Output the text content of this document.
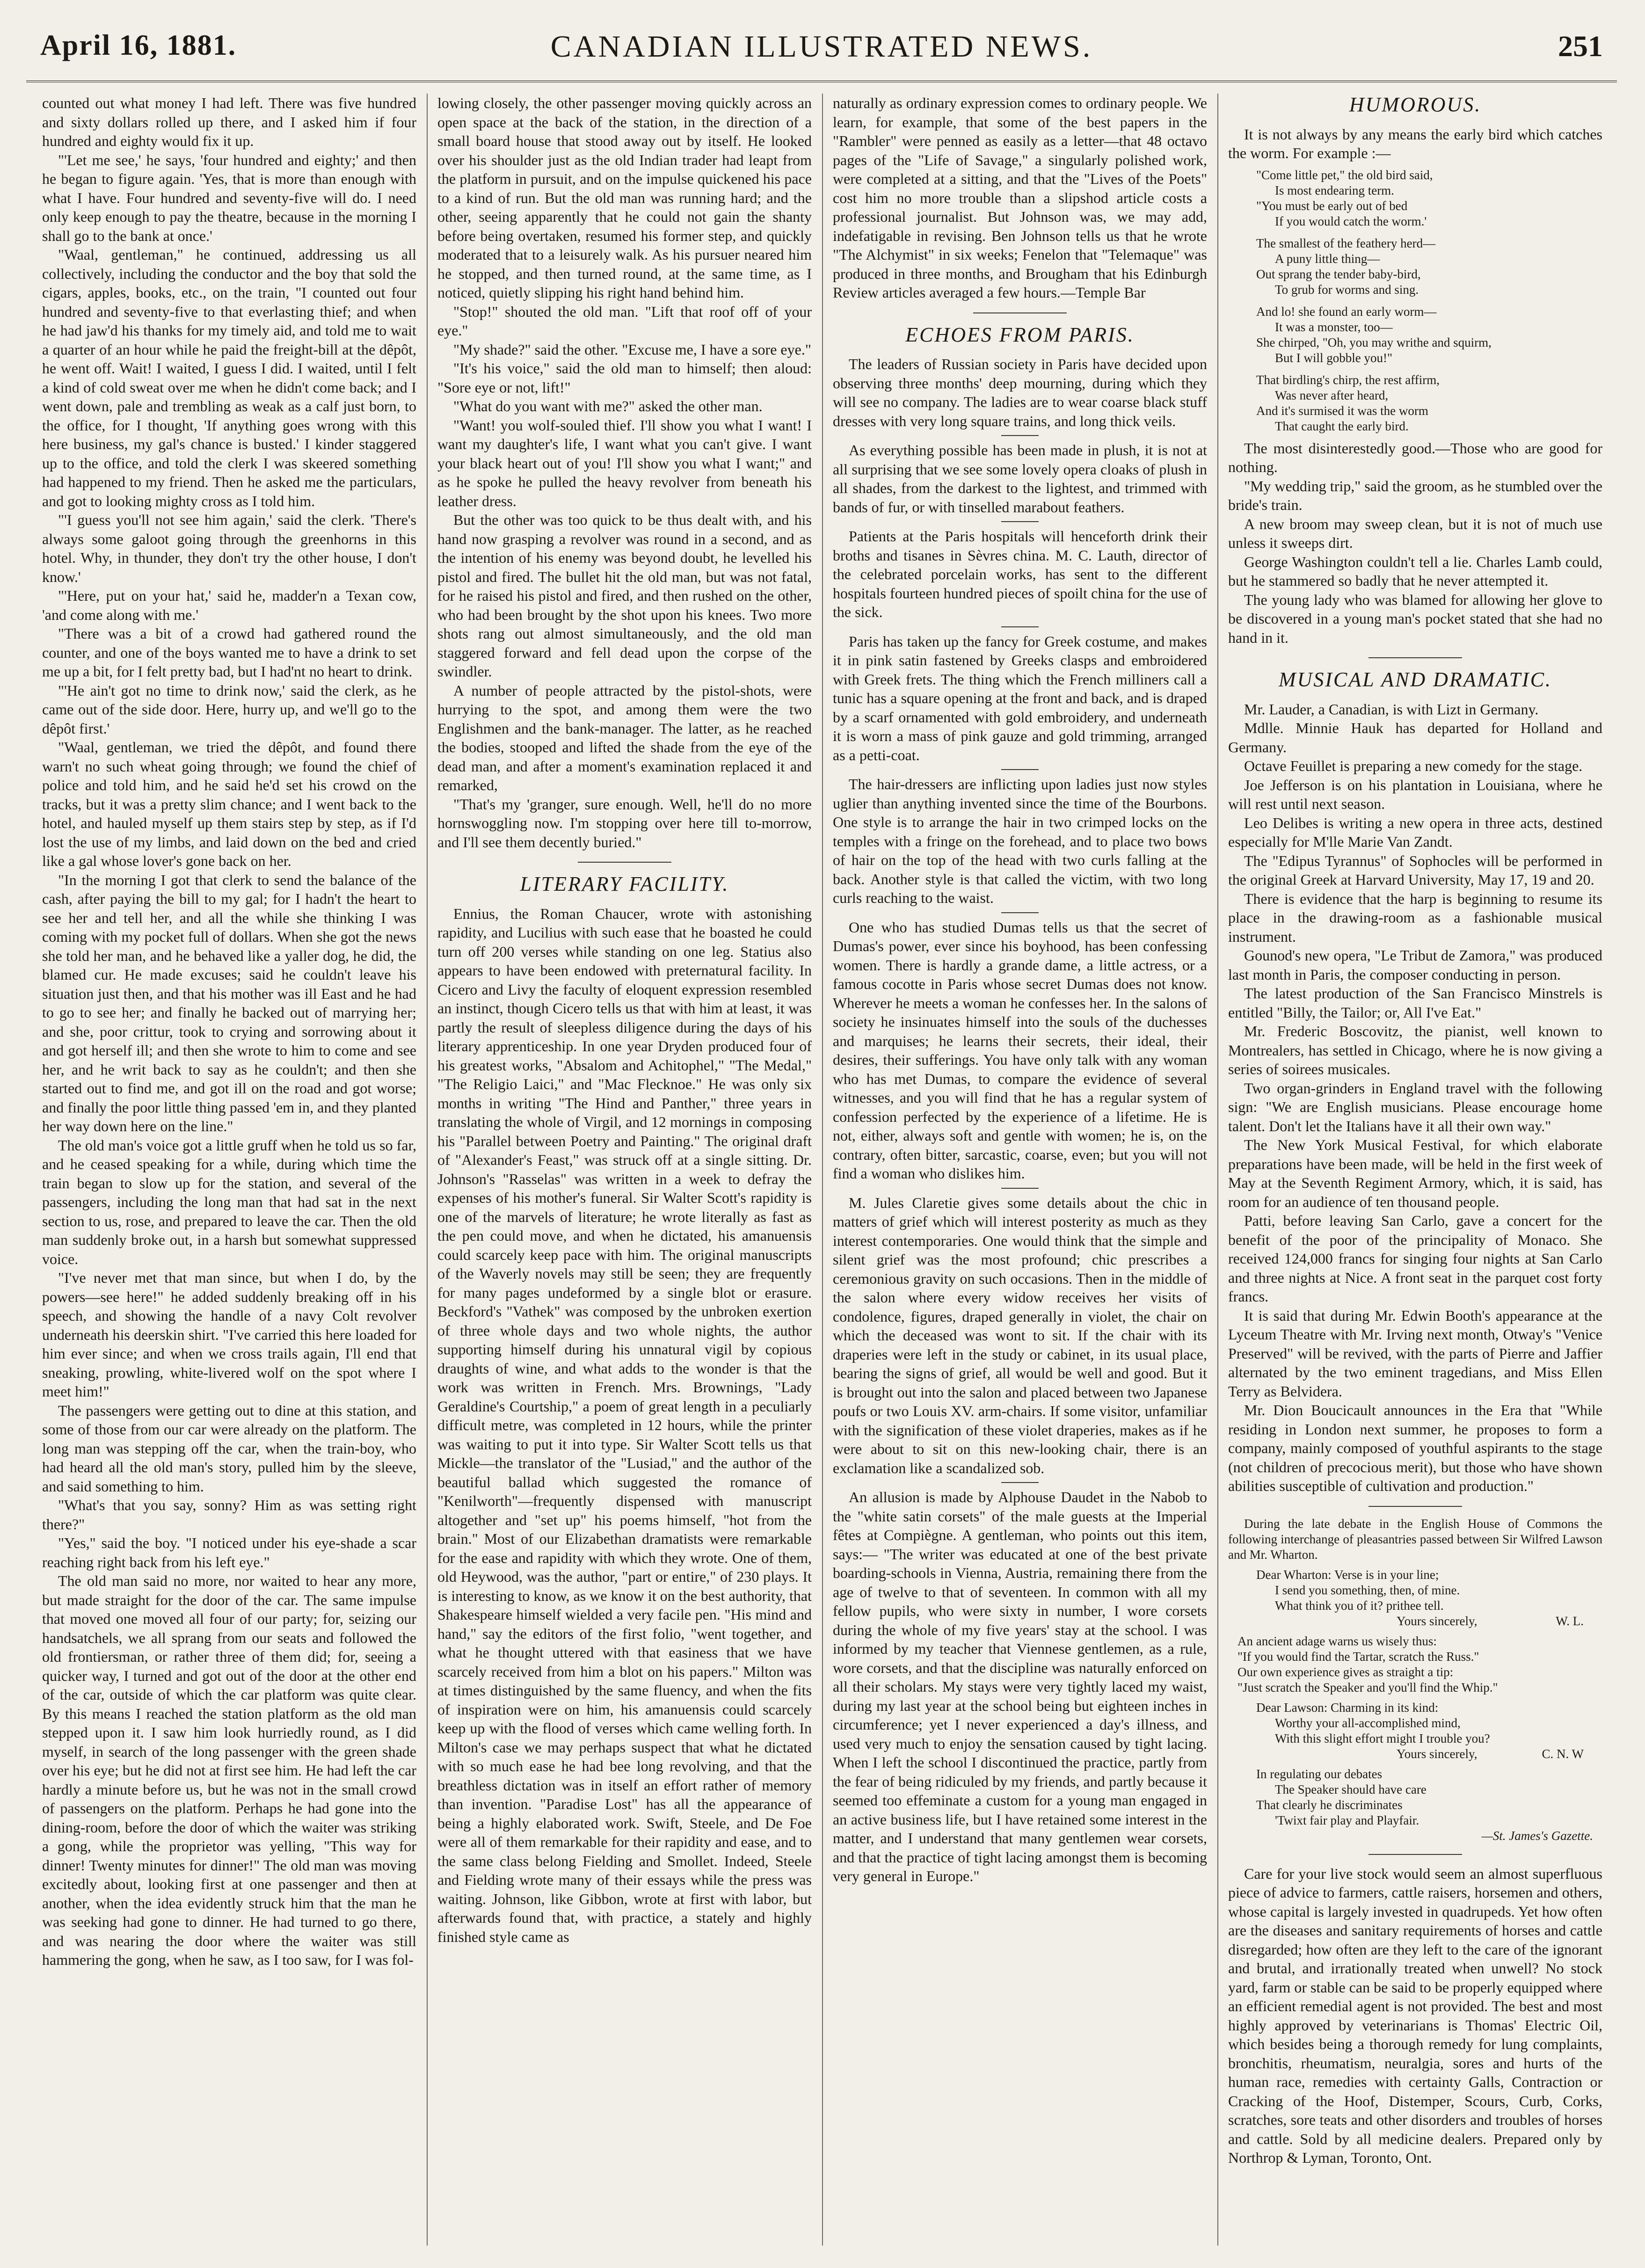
April 16, 1881.	CANADIAN ILLUSTRATED NEWS.	251

counted out what money I had left. There was five hundred and sixty dollars rolled up there, and I asked him if four hundred and eighty would fix it up.

"'Let me see,' he says, 'four hundred and eighty;' and then he began to figure again. 'Yes, that is more than enough with what I have. Four hundred and seventy-five will do. I need only keep enough to pay the theatre, because in the morning I shall go to the bank at once.'

"Waal, gentleman," he continued, addressing us all collectively, including the conductor and the boy that sold the cigars, apples, books, etc., on the train, "I counted out four hundred and seventy-five to that everlasting thief; and when he had jaw'd his thanks for my timely aid, and told me to wait a quarter of an hour while he paid the freight-bill at the dêpôt, he went off. Wait! I waited, I guess I did. I waited, until I felt a kind of cold sweat over me when he didn't come back; and I went down, pale and trembling as weak as a calf just born, to the office, for I thought, 'If anything goes wrong with this here business, my gal's chance is busted.' I kinder staggered up to the office, and told the clerk I was skeered something had happened to my friend. Then he asked me the particulars, and got to looking mighty cross as I told him.

"'I guess you'll not see him again,' said the clerk. 'There's always some galoot going through the greenhorns in this hotel. Why, in thunder, they don't try the other house, I don't know.'

"'Here, put on your hat,' said he, madder'n a Texan cow, 'and come along with me.'

"There was a bit of a crowd had gathered round the counter, and one of the boys wanted me to have a drink to set me up a bit, for I felt pretty bad, but I had'nt no heart to drink.

"'He ain't got no time to drink now,' said the clerk, as he came out of the side door. Here, hurry up, and we'll go to the dêpôt first.'

"Waal, gentleman, we tried the dêpôt, and found there warn't no such wheat going through; we found the chief of police and told him, and he said he'd set his crowd on the tracks, but it was a pretty slim chance; and I went back to the hotel, and hauled myself up them stairs step by step, as if I'd lost the use of my limbs, and laid down on the bed and cried like a gal whose lover's gone back on her.

"In the morning I got that clerk to send the balance of the cash, after paying the bill to my gal; for I hadn't the heart to see her and tell her, and all the while she thinking I was coming with my pocket full of dollars. When she got the news she told her man, and he behaved like a yaller dog, he did, the blamed cur. He made excuses; said he couldn't leave his situation just then, and that his mother was ill East and he had to go to see her; and finally he backed out of marrying her; and she, poor crittur, took to crying and sorrowing about it and got herself ill; and then she wrote to him to come and see her, and he writ back to say as he couldn't; and then she started out to find me, and got ill on the road and got worse; and finally the poor little thing passed 'em in, and they planted her way down here on the line."

The old man's voice got a little gruff when he told us so far, and he ceased speaking for a while, during which time the train began to slow up for the station, and several of the passengers, including the long man that had sat in the next section to us, rose, and prepared to leave the car. Then the old man suddenly broke out, in a harsh but somewhat suppressed voice.

"I've never met that man since, but when I do, by the powers—see here!" he added suddenly breaking off in his speech, and showing the handle of a navy Colt revolver underneath his deerskin shirt. "I've carried this here loaded for him ever since; and when we cross trails again, I'll end that sneaking, prowling, white-livered wolf on the spot where I meet him!"

The passengers were getting out to dine at this station, and some of those from our car were already on the platform. The long man was stepping off the car, when the train-boy, who had heard all the old man's story, pulled him by the sleeve, and said something to him.

"What's that you say, sonny? Him as was setting right there?"

"Yes," said the boy. "I noticed under his eye-shade a scar reaching right back from his left eye."

The old man said no more, nor waited to hear any more, but made straight for the door of the car. The same impulse that moved one moved all four of our party; for, seizing our handsatchels, we all sprang from our seats and followed the old frontiersman, or rather three of them did; for, seeing a quicker way, I turned and got out of the door at the other end of the car, outside of which the car platform was quite clear. By this means I reached the station platform as the old man stepped upon it. I saw him look hurriedly round, as I did myself, in search of the long passenger with the green shade over his eye; but he did not at first see him. He had left the car hardly a minute before us, but he was not in the small crowd of passengers on the platform. Perhaps he had gone into the dining-room, before the door of which the waiter was striking a gong, while the proprietor was yelling, "This way for dinner! Twenty minutes for dinner!" The old man was moving excitedly about, looking first at one passenger and then at another, when the idea evidently struck him that the man he was seeking had gone to dinner. He had turned to go there, and was nearing the door where the waiter was still hammering the gong, when he saw, as I too saw, for I was fol-

lowing closely, the other passenger moving quickly across an open space at the back of the station, in the direction of a small board house that stood away out by itself. He looked over his shoulder just as the old Indian trader had leapt from the platform in pursuit, and on the impulse quickened his pace to a kind of run. But the old man was running hard; and the other, seeing apparently that he could not gain the shanty before being overtaken, resumed his former step, and quickly moderated that to a leisurely walk. As his pursuer neared him he stopped, and then turned round, at the same time, as I noticed, quietly slipping his right hand behind him.

"Stop!" shouted the old man. "Lift that roof off of your eye."

"My shade?" said the other. "Excuse me, I have a sore eye."

"It's his voice," said the old man to himself; then aloud: "Sore eye or not, lift!"

"What do you want with me?" asked the other man.

"Want! you wolf-souled thief. I'll show you what I want! I want my daughter's life, I want what you can't give. I want your black heart out of you! I'll show you what I want;" and as he spoke he pulled the heavy revolver from beneath his leather dress.

But the other was too quick to be thus dealt with, and his hand now grasping a revolver was round in a second, and as the intention of his enemy was beyond doubt, he levelled his pistol and fired. The bullet hit the old man, but was not fatal, for he raised his pistol and fired, and then rushed on the other, who had been brought by the shot upon his knees. Two more shots rang out almost simultaneously, and the old man staggered forward and fell dead upon the corpse of the swindler.

A number of people attracted by the pistol-shots, were hurrying to the spot, and among them were the two Englishmen and the bank-manager. The latter, as he reached the bodies, stooped and lifted the shade from the eye of the dead man, and after a moment's examination replaced it and remarked,

"That's my 'granger, sure enough. Well, he'll do no more hornswoggling now. I'm stopping over here till to-morrow, and I'll see them decently buried."

LITERARY FACILITY.

Ennius, the Roman Chaucer, wrote with astonishing rapidity, and Lucilius with such ease that he boasted he could turn off 200 verses while standing on one leg. Statius also appears to have been endowed with preternatural facility. In Cicero and Livy the faculty of eloquent expression resembled an instinct, though Cicero tells us that with him at least, it was partly the result of sleepless diligence during the days of his literary apprenticeship. In one year Dryden produced four of his greatest works, "Absalom and Achitophel," "The Medal," "The Religio Laici," and "Mac Flecknoe." He was only six months in writing "The Hind and Panther," three years in translating the whole of Virgil, and 12 mornings in composing his "Parallel between Poetry and Painting." The original draft of "Alexander's Feast," was struck off at a single sitting. Dr. Johnson's "Rasselas" was written in a week to defray the expenses of his mother's funeral. Sir Walter Scott's rapidity is one of the marvels of literature; he wrote literally as fast as the pen could move, and when he dictated, his amanuensis could scarcely keep pace with him. The original manuscripts of the Waverly novels may still be seen; they are frequently for many pages undeformed by a single blot or erasure. Beckford's "Vathek" was composed by the unbroken exertion of three whole days and two whole nights, the author supporting himself during his unnatural vigil by copious draughts of wine, and what adds to the wonder is that the work was written in French. Mrs. Brownings, "Lady Geraldine's Courtship," a poem of great length in a peculiarly difficult metre, was completed in 12 hours, while the printer was waiting to put it into type. Sir Walter Scott tells us that Mickle—the translator of the "Lusiad," and the author of the beautiful ballad which suggested the romance of "Kenilworth"—frequently dispensed with manuscript altogether and "set up" his poems himself, "hot from the brain." Most of our Elizabethan dramatists were remarkable for the ease and rapidity with which they wrote. One of them, old Heywood, was the author, "part or entire," of 230 plays. It is interesting to know, as we know it on the best authority, that Shakespeare himself wielded a very facile pen. "His mind and hand," say the editors of the first folio, "went together, and what he thought uttered with that easiness that we have scarcely received from him a blot on his papers." Milton was at times distinguished by the same fluency, and when the fits of inspiration were on him, his amanuensis could scarcely keep up with the flood of verses which came welling forth. In Milton's case we may perhaps suspect that what he dictated with so much ease he had bee long revolving, and that the breathless dictation was in itself an effort rather of memory than invention. "Paradise Lost" has all the appearance of being a highly elaborated work. Swift, Steele, and De Foe were all of them remarkable for their rapidity and ease, and to the same class belong Fielding and Smollet. Indeed, Steele and Fielding wrote many of their essays while the press was waiting. Johnson, like Gibbon, wrote at first with labor, but afterwards found that, with practice, a stately and highly finished style came as

naturally as ordinary expression comes to ordinary people. We learn, for example, that some of the best papers in the "Rambler" were penned as easily as a letter—that 48 octavo pages of the "Life of Savage," a singularly polished work, were completed at a sitting, and that the "Lives of the Poets" cost him no more trouble than a slipshod article costs a professional journalist. But Johnson was, we may add, indefatigable in revising. Ben Johnson tells us that he wrote "The Alchymist" in six weeks; Fenelon that "Telemaque" was produced in three months, and Brougham that his Edinburgh Review articles averaged a few hours.—Temple Bar

ECHOES FROM PARIS.

The leaders of Russian society in Paris have decided upon observing three months' deep mourning, during which they will see no company. The ladies are to wear coarse black stuff dresses with very long square trains, and long thick veils.

As everything possible has been made in plush, it is not at all surprising that we see some lovely opera cloaks of plush in all shades, from the darkest to the lightest, and trimmed with bands of fur, or with tinselled marabout feathers.

Patients at the Paris hospitals will henceforth drink their broths and tisanes in Sèvres china. M. C. Lauth, director of the celebrated porcelain works, has sent to the different hospitals fourteen hundred pieces of spoilt china for the use of the sick.

Paris has taken up the fancy for Greek costume, and makes it in pink satin fastened by Greeks clasps and embroidered with Greek frets. The thing which the French milliners call a tunic has a square opening at the front and back, and is draped by a scarf ornamented with gold embroidery, and underneath it is worn a mass of pink gauze and gold trimming, arranged as a petti-coat.

The hair-dressers are inflicting upon ladies just now styles uglier than anything invented since the time of the Bourbons. One style is to arrange the hair in two crimped locks on the temples with a fringe on the forehead, and to place two bows of hair on the top of the head with two curls falling at the back. Another style is that called the victim, with two long curls reaching to the waist.

One who has studied Dumas tells us that the secret of Dumas's power, ever since his boyhood, has been confessing women. There is hardly a grande dame, a little actress, or a famous cocotte in Paris whose secret Dumas does not know. Wherever he meets a woman he confesses her. In the salons of society he insinuates himself into the souls of the duchesses and marquises; he learns their secrets, their ideal, their desires, their sufferings. You have only talk with any woman who has met Dumas, to compare the evidence of several witnesses, and you will find that he has a regular system of confession perfected by the experience of a lifetime. He is not, either, always soft and gentle with women; he is, on the contrary, often bitter, sarcastic, coarse, even; but you will not find a woman who dislikes him.

M. Jules Claretie gives some details about the chic in matters of grief which will interest posterity as much as they interest contemporaries. One would think that the simple and silent grief was the most profound; chic prescribes a ceremonious gravity on such occasions. Then in the middle of the salon where every widow receives her visits of condolence, figures, draped generally in violet, the chair on which the deceased was wont to sit. If the chair with its draperies were left in the study or cabinet, in its usual place, bearing the signs of grief, all would be well and good. But it is brought out into the salon and placed between two Japanese poufs or two Louis XV. arm-chairs. If some visitor, unfamiliar with the signification of these violet draperies, makes as if he were about to sit on this new-looking chair, there is an exclamation like a scandalized sob.

An allusion is made by Alphouse Daudet in the Nabob to the "white satin corsets" of the male guests at the Imperial fêtes at Compiègne. A gentleman, who points out this item, says:— "The writer was educated at one of the best private boarding-schools in Vienna, Austria, remaining there from the age of twelve to that of seventeen. In common with all my fellow pupils, who were sixty in number, I wore corsets during the whole of my five years' stay at the school. I was informed by my teacher that Viennese gentlemen, as a rule, wore corsets, and that the discipline was naturally enforced on all their scholars. My stays were very tightly laced my waist, during my last year at the school being but eighteen inches in circumference; yet I never experienced a day's illness, and used very much to enjoy the sensation caused by tight lacing. When I left the school I discontinued the practice, partly from the fear of being ridiculed by my friends, and partly because it seemed too effeminate a custom for a young man engaged in an active business life, but I have retained some interest in the matter, and I understand that many gentlemen wear corsets, and that the practice of tight lacing amongst them is becoming very general in Europe."

HUMOROUS.

It is not always by any means the early bird which catches the worm. For example :—

"Come little pet," the old bird said,
Is most endearing term.
"You must be early out of bed
If you would catch the worm.'
The smallest of the feathery herd—
A puny little thing—
Out sprang the tender baby-bird,
To grub for worms and sing.
And lo! she found an early worm—
It was a monster, too—
She chirped, "Oh, you may writhe and squirm,
But I will gobble you!"
That birdling's chirp, the rest affirm,
Was never after heard,
And it's surmised it was the worm
That caught the early bird.

The most disinterestedly good.—Those who are good for nothing.

"My wedding trip," said the groom, as he stumbled over the bride's train.

A new broom may sweep clean, but it is not of much use unless it sweeps dirt.

George Washington couldn't tell a lie. Charles Lamb could, but he stammered so badly that he never attempted it.

The young lady who was blamed for allowing her glove to be discovered in a young man's pocket stated that she had no hand in it.

MUSICAL AND DRAMATIC.

Mr. Lauder, a Canadian, is with Lizt in Germany.

Mdlle. Minnie Hauk has departed for Holland and Germany.

Octave Feuillet is preparing a new comedy for the stage.

Joe Jefferson is on his plantation in Louisiana, where he will rest until next season.

Leo Delibes is writing a new opera in three acts, destined especially for M'lle Marie Van Zandt.

The "Edipus Tyrannus" of Sophocles will be performed in the original Greek at Harvard University, May 17, 19 and 20.

There is evidence that the harp is beginning to resume its place in the drawing-room as a fashionable musical instrument.

Gounod's new opera, "Le Tribut de Zamora," was produced last month in Paris, the composer conducting in person.

The latest production of the San Francisco Minstrels is entitled "Billy, the Tailor; or, All I've Eat."

Mr. Frederic Boscovitz, the pianist, well known to Montrealers, has settled in Chicago, where he is now giving a series of soirees musicales.

Two organ-grinders in England travel with the following sign: "We are English musicians. Please encourage home talent. Don't let the Italians have it all their own way."

The New York Musical Festival, for which elaborate preparations have been made, will be held in the first week of May at the Seventh Regiment Armory, which, it is said, has room for an audience of ten thousand people.

Patti, before leaving San Carlo, gave a concert for the benefit of the poor of the principality of Monaco. She received 124,000 francs for singing four nights at San Carlo and three nights at Nice. A front seat in the parquet cost forty francs.

It is said that during Mr. Edwin Booth's appearance at the Lyceum Theatre with Mr. Irving next month, Otway's "Venice Preserved" will be revived, with the parts of Pierre and Jaffier alternated by the two eminent tragedians, and Miss Ellen Terry as Belvidera.

Mr. Dion Boucicault announces in the Era that "While residing in London next summer, he proposes to form a company, mainly composed of youthful aspirants to the stage (not children of precocious merit), but those who have shown abilities susceptible of cultivation and production."

During the late debate in the English House of Commons the following interchange of pleasantries passed between Sir Wilfred Lawson and Mr. Wharton.

Dear Wharton: Verse is in your line;
I send you something, then, of mine.
What think you of it? prithee tell.
Yours sincerely,	W. L.
An ancient adage warns us wisely thus:
"If you would find the Tartar, scratch the Russ."
Our own experience gives as straight a tip:
"Just scratch the Speaker and you'll find the Whip."
Dear Lawson: Charming in its kind:
Worthy your all-accomplished mind,
With this slight effort might I trouble you?
Yours sincerely,	C. N. W
In regulating our debates
The Speaker should have care
That clearly he discriminates
'Twixt fair play and Playfair.
—St. James's Gazette.

Care for your live stock would seem an almost superfluous piece of advice to farmers, cattle raisers, horsemen and others, whose capital is largely invested in quadrupeds. Yet how often are the diseases and sanitary requirements of horses and cattle disregarded; how often are they left to the care of the ignorant and brutal, and irrationally treated when unwell? No stock yard, farm or stable can be said to be properly equipped where an efficient remedial agent is not provided. The best and most highly approved by veterinarians is Thomas' Electric Oil, which besides being a thorough remedy for lung complaints, bronchitis, rheumatism, neuralgia, sores and hurts of the human race, remedies with certainty Galls, Contraction or Cracking of the Hoof, Distemper, Scours, Curb, Corks, scratches, sore teats and other disorders and troubles of horses and cattle. Sold by all medicine dealers. Prepared only by Northrop & Lyman, Toronto, Ont.
